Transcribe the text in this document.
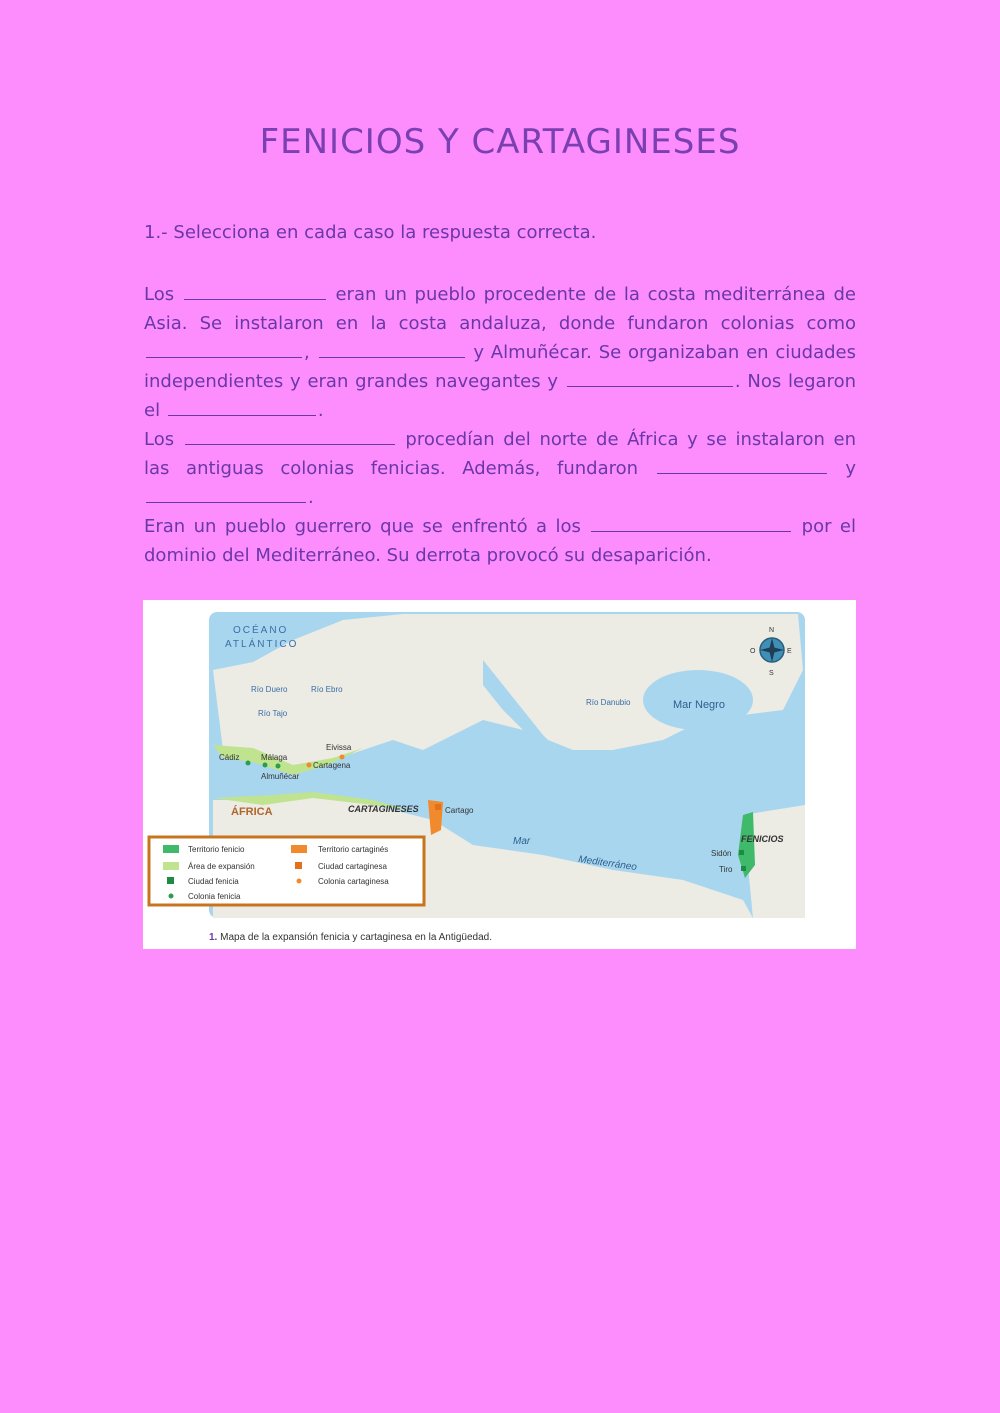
FENICIOS Y CARTAGINESES
1.- Selecciona en cada caso la respuesta correcta.

Los	eran un pueblo procedente de la costa mediterránea de Asia. Se instalaron en la costa andaluza, donde fundaron colonias como ,	y Almuñécar. Se organizaban en ciudades independientes y eran grandes navegantes y	. Nos legaron el	.

Los	procedían del norte de África y se instalaron en las antiguas colonias fenicias. Además, fundaron	y .

Eran un pueblo guerrero que se enfrentó a los	por el dominio del Mediterráneo. Su derrota provocó su desaparición.

OCÉANO
ATLÁNTICO
Río Duero	Río Ebro
Río Tajo
Río Danubio	Mar Negro
Eivissa
Cádiz	Málaga
Almuñécar
Cartagena
ÁFRICA	CARTAGINESES	Cartago
Mar
Mediterráneo
FENICIOS
Sidón
Tiro
N
S
E
O
Territorio fenicio
Área de expansión
Ciudad fenicia
Colonia fenicia
Territorio cartaginés
Ciudad cartaginesa
Colonia cartaginesa
1. Mapa de la expansión fenicia y cartaginesa en la Antigüedad.
